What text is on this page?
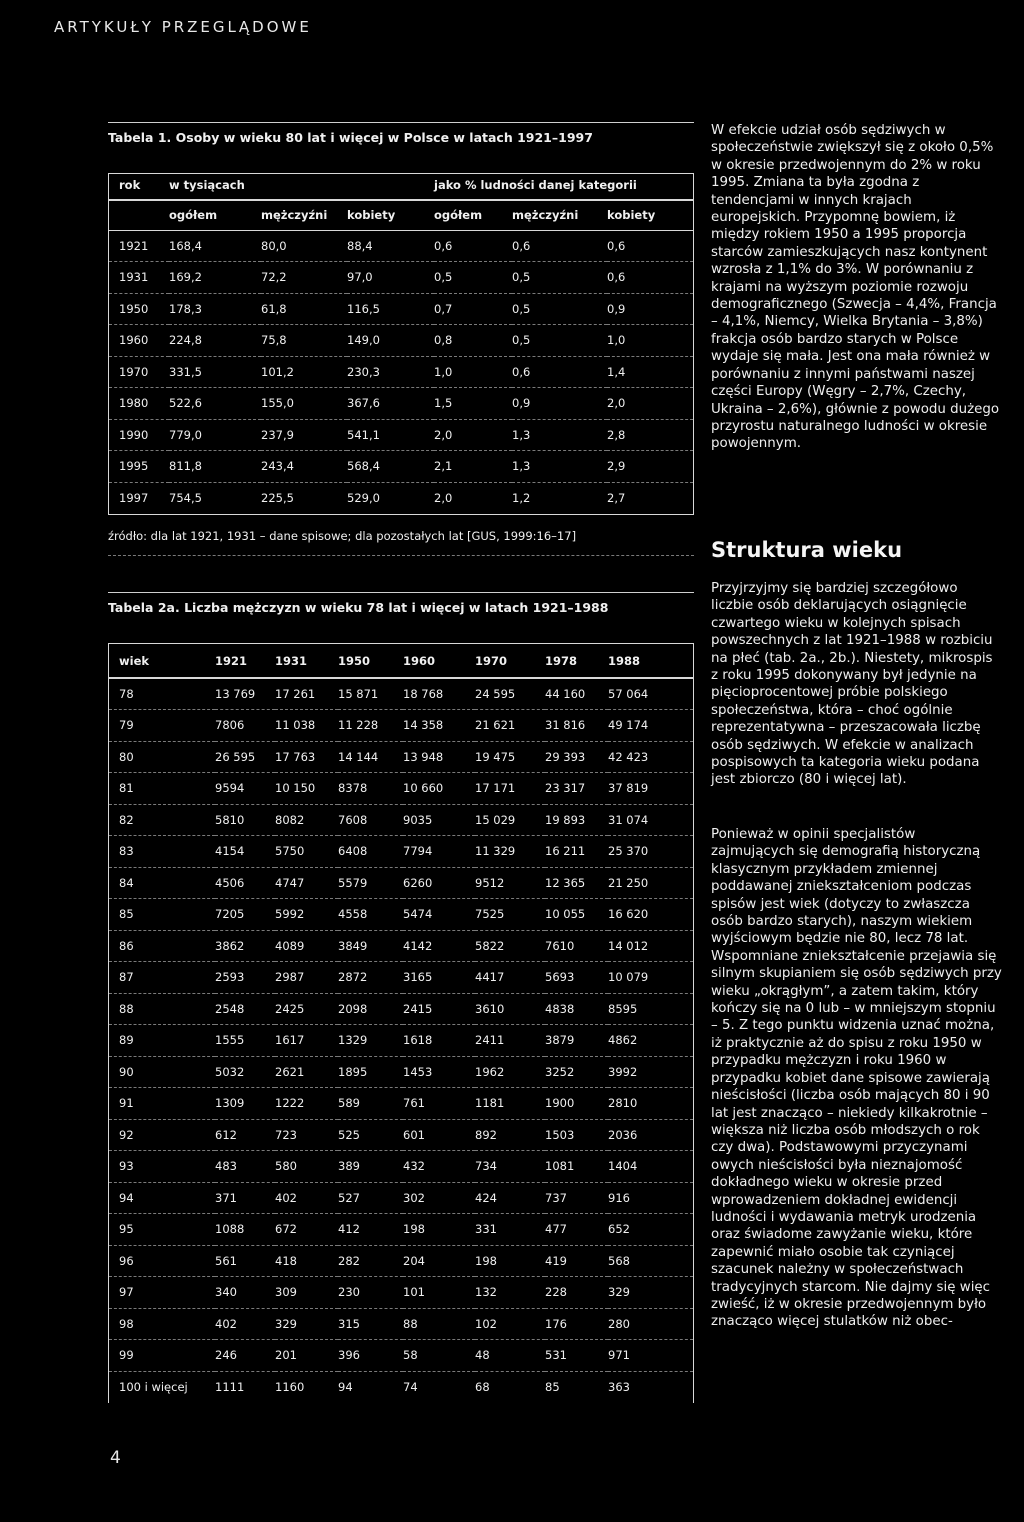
ARTYKUŁY PRZEGLĄDOWE
Tabela 1. Osoby w wieku 80 lat i więcej w Polsce w latach 1921–1997
rok	w tysiącach			jako % ludności danej kategorii		
	ogółem	mężczyźni	kobiety	ogółem	mężczyźni	kobiety
1921	168,4	80,0	88,4	0,6	0,6	0,6
1931	169,2	72,2	97,0	0,5	0,5	0,6
1950	178,3	61,8	116,5	0,7	0,5	0,9
1960	224,8	75,8	149,0	0,8	0,5	1,0
1970	331,5	101,2	230,3	1,0	0,6	1,4
1980	522,6	155,0	367,6	1,5	0,9	2,0
1990	779,0	237,9	541,1	2,0	1,3	2,8
1995	811,8	243,4	568,4	2,1	1,3	2,9
1997	754,5	225,5	529,0	2,0	1,2	2,7
źródło: dla lat 1921, 1931 – dane spisowe; dla pozostałych lat [GUS, 1999:16–17]
Tabela 2a. Liczba mężczyzn w wieku 78 lat i więcej w latach 1921–1988
wiek	1921	1931	1950	1960	1970	1978	1988
78	13 769	17 261	15 871	18 768	24 595	44 160	57 064
79	7806	11 038	11 228	14 358	21 621	31 816	49 174
80	26 595	17 763	14 144	13 948	19 475	29 393	42 423
81	9594	10 150	8378	10 660	17 171	23 317	37 819
82	5810	8082	7608	9035	15 029	19 893	31 074
83	4154	5750	6408	7794	11 329	16 211	25 370
84	4506	4747	5579	6260	9512	12 365	21 250
85	7205	5992	4558	5474	7525	10 055	16 620
86	3862	4089	3849	4142	5822	7610	14 012
87	2593	2987	2872	3165	4417	5693	10 079
88	2548	2425	2098	2415	3610	4838	8595
89	1555	1617	1329	1618	2411	3879	4862
90	5032	2621	1895	1453	1962	3252	3992
91	1309	1222	589	761	1181	1900	2810
92	612	723	525	601	892	1503	2036
93	483	580	389	432	734	1081	1404
94	371	402	527	302	424	737	916
95	1088	672	412	198	331	477	652
96	561	418	282	204	198	419	568
97	340	309	230	101	132	228	329
98	402	329	315	88	102	176	280
99	246	201	396	58	48	531	971
100 i więcej	1111	1160	94	74	68	85	363
W efekcie udział osób sędziwych w społeczeństwie zwiększył się z około 0,5% w okresie przedwojennym do 2% w roku 1995. Zmiana ta była zgodna z tendencjami w innych krajach europejskich. Przypomnę bowiem, iż między rokiem 1950 a 1995 proporcja starców zamieszkujących nasz kontynent wzrosła z 1,1% do 3%. W porównaniu z krajami na wyższym poziomie rozwoju demograficznego (Szwecja – 4,4%, Francja – 4,1%, Niemcy, Wielka Brytania – 3,8%) frakcja osób bardzo starych w Polsce wydaje się mała. Jest ona mała również w porównaniu z innymi państwami naszej części Europy (Węgry – 2,7%, Czechy, Ukraina – 2,6%), głównie z powodu dużego przyrostu naturalnego ludności w okresie powojennym.
Struktura wieku
Przyjrzyjmy się bardziej szczegółowo liczbie osób deklarujących osiągnięcie czwartego wieku w kolejnych spisach powszechnych z lat 1921–1988 w rozbiciu na płeć (tab. 2a., 2b.). Niestety, mikrospis z roku 1995 dokonywany był jedynie na pięcioprocentowej próbie polskiego społeczeństwa, która – choć ogólnie reprezentatywna – przeszacowała liczbę osób sędziwych. W efekcie w analizach pospisowych ta kategoria wieku podana jest zbiorczo (80 i więcej lat).
Ponieważ w opinii specjalistów zajmujących się demografią historyczną klasycznym przykładem zmiennej poddawanej zniekształceniom podczas spisów jest wiek (dotyczy to zwłaszcza osób bardzo starych), naszym wiekiem wyjściowym będzie nie 80, lecz 78 lat. Wspomniane zniekształcenie przejawia się silnym skupianiem się osób sędziwych przy wieku „okrągłym”, a zatem takim, który kończy się na 0 lub – w mniejszym stopniu – 5. Z tego punktu widzenia uznać można, iż praktycznie aż do spisu z roku 1950 w przypadku mężczyzn i roku 1960 w przypadku kobiet dane spisowe zawierają nieścisłości (liczba osób mających 80 i 90 lat jest znacząco – niekiedy kilkakrotnie – większa niż liczba osób młodszych o rok czy dwa). Podstawowymi przyczynami owych nieścisłości była nieznajomość dokładnego wieku w okresie przed wprowadzeniem dokładnej ewidencji ludności i wydawania metryk urodzenia oraz świadome zawyżanie wieku, które zapewnić miało osobie tak czyniącej szacunek należny w społeczeństwach tradycyjnych starcom. Nie dajmy się więc zwieść, iż w okresie przedwojennym było znacząco więcej stulatków niż obec-
4
